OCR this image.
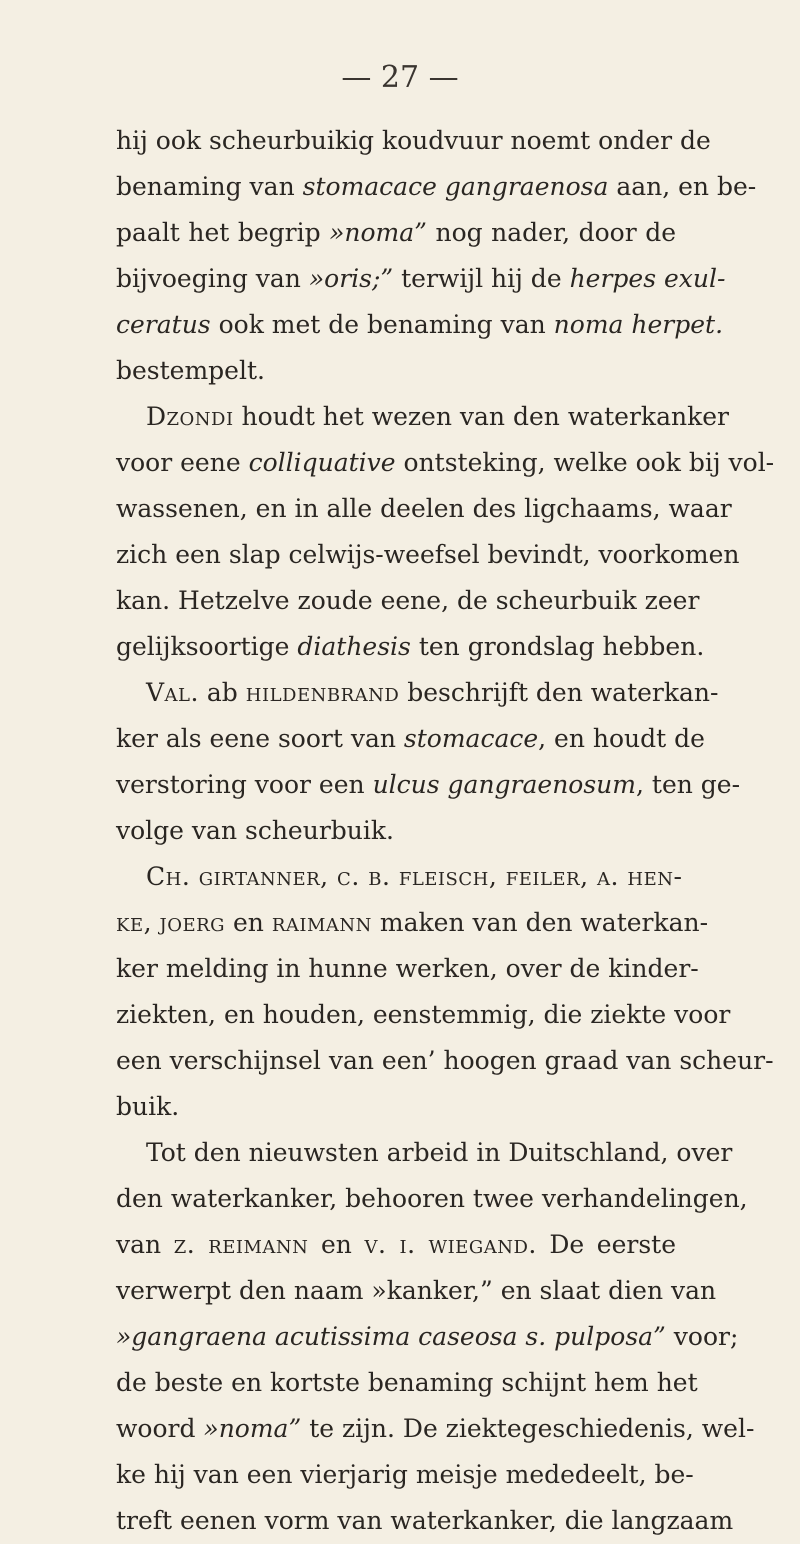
— 27 —
hij ook scheurbuikig koudvuur noemt onder de
benaming van stomacace gangraenosa aan, en be-
paalt het begrip »noma” nog nader, door de
bijvoeging van »oris;” terwijl hij de herpes exul-
ceratus ook met de benaming van noma herpet.
bestempelt.
Dzondi houdt het wezen van den waterkanker
voor eene colliquative ontsteking, welke ook bij vol-
wassenen, en in alle deelen des ligchaams, waar
zich een slap celwijs-weefsel bevindt, voorkomen
kan. Hetzelve zoude eene, de scheurbuik zeer
gelijksoortige diathesis ten grondslag hebben.
Val. ab hildenbrand beschrijft den waterkan-
ker als eene soort van stomacace, en houdt de
verstoring voor een ulcus gangraenosum, ten ge-
volge van scheurbuik.
Ch. girtanner, c. b. fleisch, feiler, a. hen-
ke, joerg en raimann maken van den waterkan-
ker melding in hunne werken, over de kinder-
ziekten, en houden, eenstemmig, die ziekte voor
een verschijnsel van een’ hoogen graad van scheur-
buik.
Tot den nieuwsten arbeid in Duitschland, over
den waterkanker, behooren twee verhandelingen,
van z. reimann en v. i. wiegand. De eerste
verwerpt den naam »kanker,” en slaat dien van
»gangraena acutissima caseosa s. pulposa” voor;
de beste en kortste benaming schijnt hem het
woord »noma” te zijn. De ziektegeschiedenis, wel-
ke hij van een vierjarig meisje mededeelt, be-
treft eenen vorm van waterkanker, die langzaam
